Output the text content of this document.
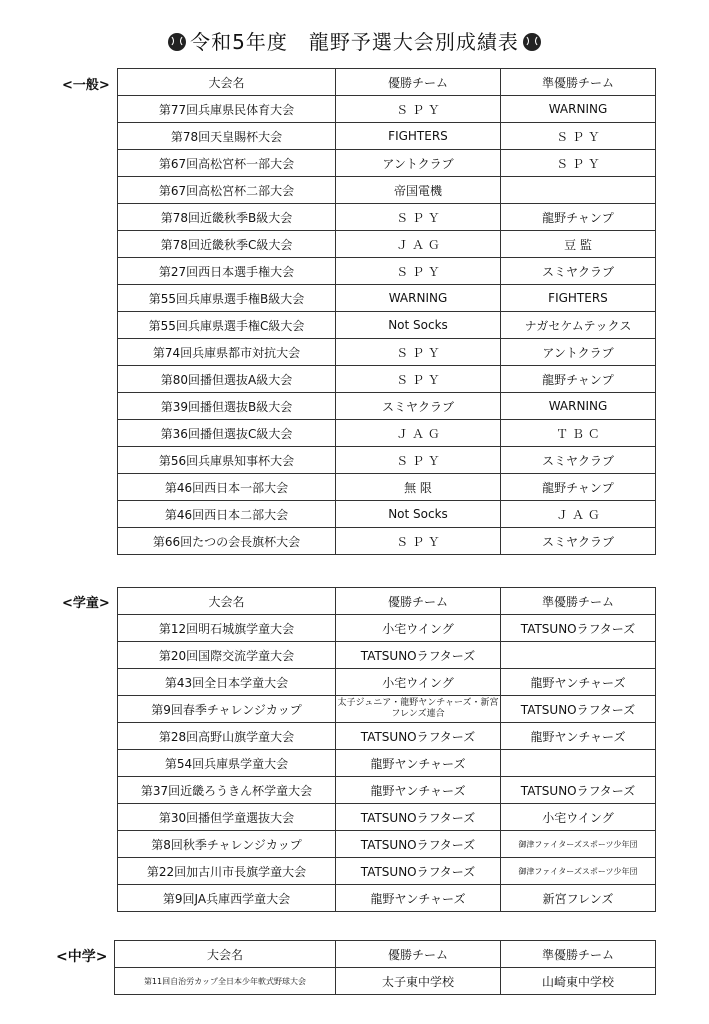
令和5年度　龍野予選大会別成績表
<一般>	大会名	優勝チーム	準優勝チーム
第77回兵庫県民体育大会	Ｓ Ｐ Ｙ	WARNING
第78回天皇賜杯大会	FIGHTERS	Ｓ Ｐ Ｙ
第67回高松宮杯一部大会	アントクラブ	Ｓ Ｐ Ｙ
第67回高松宮杯二部大会	帝国電機	
第78回近畿秋季B級大会	Ｓ Ｐ Ｙ	龍野チャンプ
第78回近畿秋季C級大会	Ｊ Ａ Ｇ	豆 監
第27回西日本選手権大会	Ｓ Ｐ Ｙ	スミヤクラブ
第55回兵庫県選手権B級大会	WARNING	FIGHTERS
第55回兵庫県選手権C級大会	Not Socks	ナガセケムテックス
第74回兵庫県都市対抗大会	Ｓ Ｐ Ｙ	アントクラブ
第80回播但選抜A級大会	Ｓ Ｐ Ｙ	龍野チャンプ
第39回播但選抜B級大会	スミヤクラブ	WARNING
第36回播但選抜C級大会	Ｊ Ａ Ｇ	Ｔ Ｂ Ｃ
第56回兵庫県知事杯大会	Ｓ Ｐ Ｙ	スミヤクラブ
第46回西日本一部大会	無 限	龍野チャンプ
第46回西日本二部大会	Not Socks	Ｊ Ａ Ｇ
第66回たつの会長旗杯大会	Ｓ Ｐ Ｙ	スミヤクラブ
<学童>	大会名	優勝チーム	準優勝チーム
第12回明石城旗学童大会	小宅ウイング	TATSUNOラフターズ
第20回国際交流学童大会	TATSUNOラフターズ	
第43回全日本学童大会	小宅ウイング	龍野ヤンチャーズ
第9回春季チャレンジカップ	太子ジュニア・龍野ヤンチャーズ・新宮フレンズ連合	TATSUNOラフターズ
第28回高野山旗学童大会	TATSUNOラフターズ	龍野ヤンチャーズ
第54回兵庫県学童大会	龍野ヤンチャーズ	
第37回近畿ろうきん杯学童大会	龍野ヤンチャーズ	TATSUNOラフターズ
第30回播但学童選抜大会	TATSUNOラフターズ	小宅ウイング
第8回秋季チャレンジカップ	TATSUNOラフターズ	御津ファイターズスポーツ少年団
第22回加古川市長旗学童大会	TATSUNOラフターズ	御津ファイターズスポーツ少年団
第9回JA兵庫西学童大会	龍野ヤンチャーズ	新宮フレンズ
<中学>	大会名	優勝チーム	準優勝チーム
第11回自治労カップ全日本少年軟式野球大会	太子東中学校	山崎東中学校
